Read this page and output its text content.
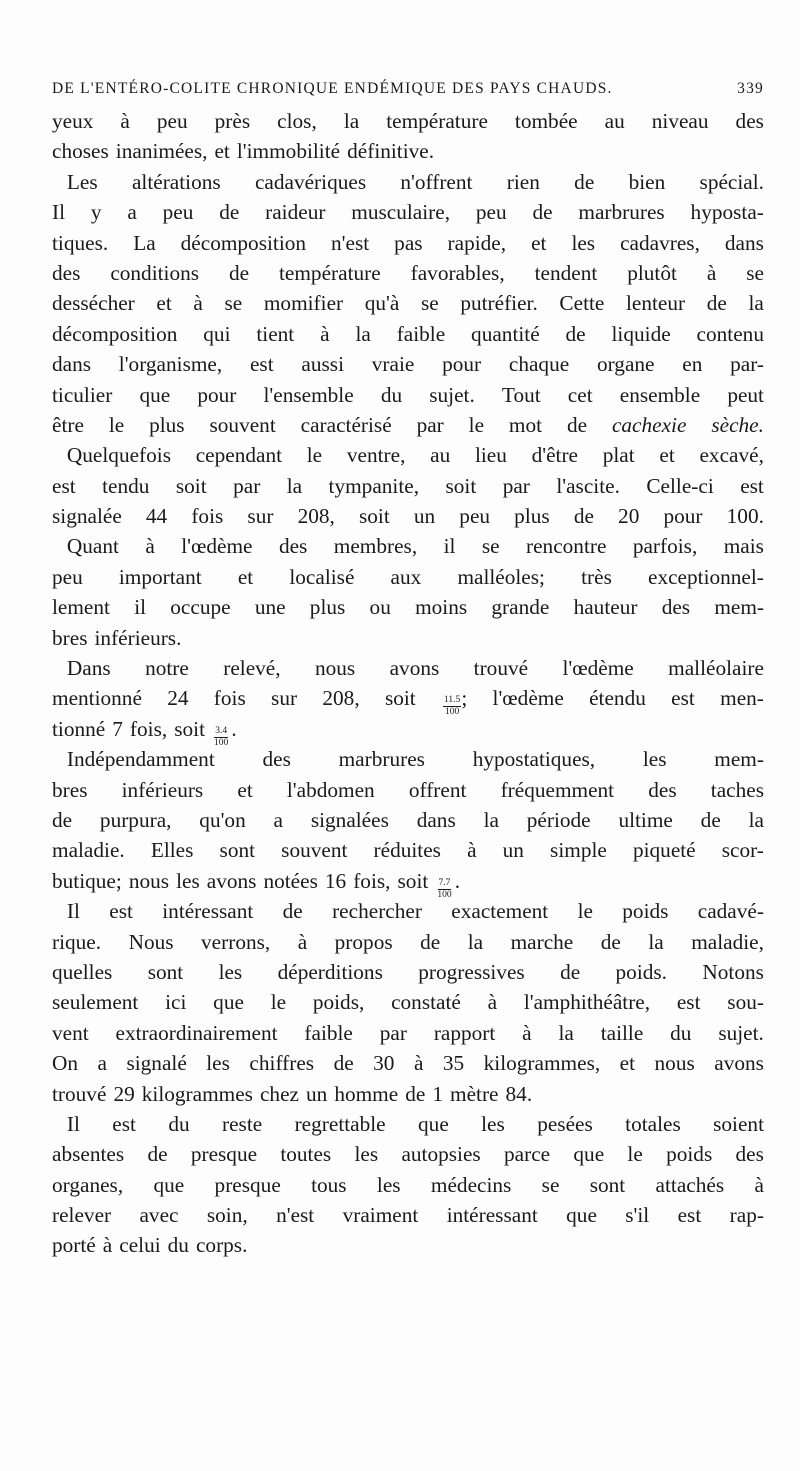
DE L'ENTÉRO-COLITE CHRONIQUE ENDÉMIQUE DES PAYS CHAUDS.	339
yeux à peu près clos, la température tombée au niveau des
choses inanimées, et l'immobilité définitive.
Les altérations cadavériques n'offrent rien de bien spécial.
Il y a peu de raideur musculaire, peu de marbrures hyposta-
tiques. La décomposition n'est pas rapide, et les cadavres, dans
des conditions de température favorables, tendent plutôt à se
dessécher et à se momifier qu'à se putréfier. Cette lenteur de la
décomposition qui tient à la faible quantité de liquide contenu
dans l'organisme, est aussi vraie pour chaque organe en par-
ticulier que pour l'ensemble du sujet. Tout cet ensemble peut
être le plus souvent caractérisé par le mot de cachexie sèche.
Quelquefois cependant le ventre, au lieu d'être plat et excavé,
est tendu soit par la tympanite, soit par l'ascite. Celle-ci est
signalée 44 fois sur 208, soit un peu plus de 20 pour 100.
Quant à l'œdème des membres, il se rencontre parfois, mais
peu important et localisé aux malléoles; très exceptionnel-
lement il occupe une plus ou moins grande hauteur des mem-
bres inférieurs.
Dans notre relevé, nous avons trouvé l'œdème malléolaire
mentionné 24 fois sur 208, soit	$\frac{11.5}{100}$ ; l'œdème étendu est men-
tionné 7 fois, soit $\frac{3.4}{100}$ .
Indépendamment des marbrures hypostatiques, les mem-
bres inférieurs et l'abdomen offrent fréquemment des taches
de purpura, qu'on a signalées dans la période ultime de la
maladie. Elles sont souvent réduites à un simple piqueté scor-
butique; nous les avons notées 16 fois, soit $\frac{7.7}{100}$ .
Il est intéressant de rechercher exactement le poids cadavé-
rique. Nous verrons, à propos de la marche de la maladie,
quelles sont les déperditions progressives de poids. Notons
seulement ici que le poids, constaté à l'amphithéâtre, est sou-
vent extraordinairement faible par rapport à la taille du sujet.
On a signalé les chiffres de 30 à 35 kilogrammes, et nous avons
trouvé 29 kilogrammes chez un homme de 1 mètre 84.
Il est du reste regrettable que les pesées totales soient
absentes de presque toutes les autopsies parce que le poids des
organes, que presque tous les médecins se sont attachés à
relever avec soin, n'est vraiment intéressant que s'il est rap-
porté à celui du corps.
